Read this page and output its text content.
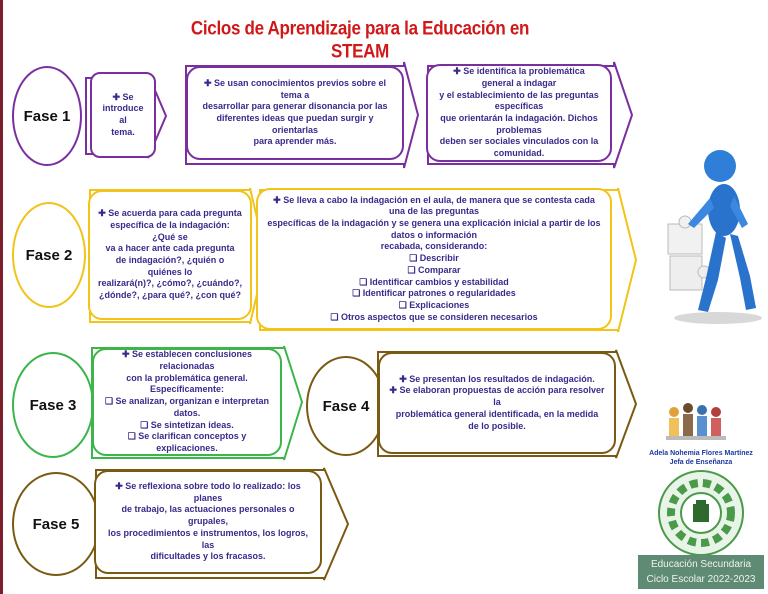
Ciclos de Aprendizaje para la Educación en STEAM
Fase 1
✚ Se
introduce al
tema.
✚ Se usan conocimientos previos sobre el tema a
desarrollar para generar disonancia por las
diferentes ideas que puedan surgir y orientarlas
para aprender más.
✚ Se identifica la problemática general a indagar
y el establecimiento de las preguntas específicas
que orientarán la indagación. Dichos problemas
deben ser sociales vinculados con la
comunidad.
Fase 2
✚ Se acuerda para cada pregunta
específica de la indagación: ¿Qué se
va a hacer ante cada pregunta
de indagación?, ¿quién o quiénes lo
realizará(n)?, ¿cómo?, ¿cuándo?,
¿dónde?, ¿para qué?, ¿con qué?
✚ Se lleva a cabo la indagación en el aula, de manera que se contesta cada una de las preguntas
específicas de la indagación y se genera una explicación inicial a partir de los datos o información
recabada, considerando:
❑ Describir
❑ Comparar
❑ Identificar cambios y estabilidad
❑ Identificar patrones o regularidades
❑ Explicaciones
❑ Otros aspectos que se consideren necesarios
Fase 3
✚ Se establecen conclusiones relacionadas
con la problemática general.
Específicamente:
❑ Se analizan, organizan e interpretan datos.
❑ Se sintetizan ideas.
❑ Se clarifican conceptos y explicaciones.
Fase 4
✚ Se presentan los resultados de indagación.
✚ Se elaboran propuestas de acción para resolver la
problemática general identificada, en la medida
de lo posible.
Fase 5
✚ Se reflexiona sobre todo lo realizado: los planes
de trabajo, las actuaciones personales o grupales,
los procedimientos e instrumentos, los logros, las
dificultades y los fracasos.
Adela Nohemia Flores Martínez
Jefa de Enseñanza
Educación Secundaria
Ciclo Escolar 2022-2023
